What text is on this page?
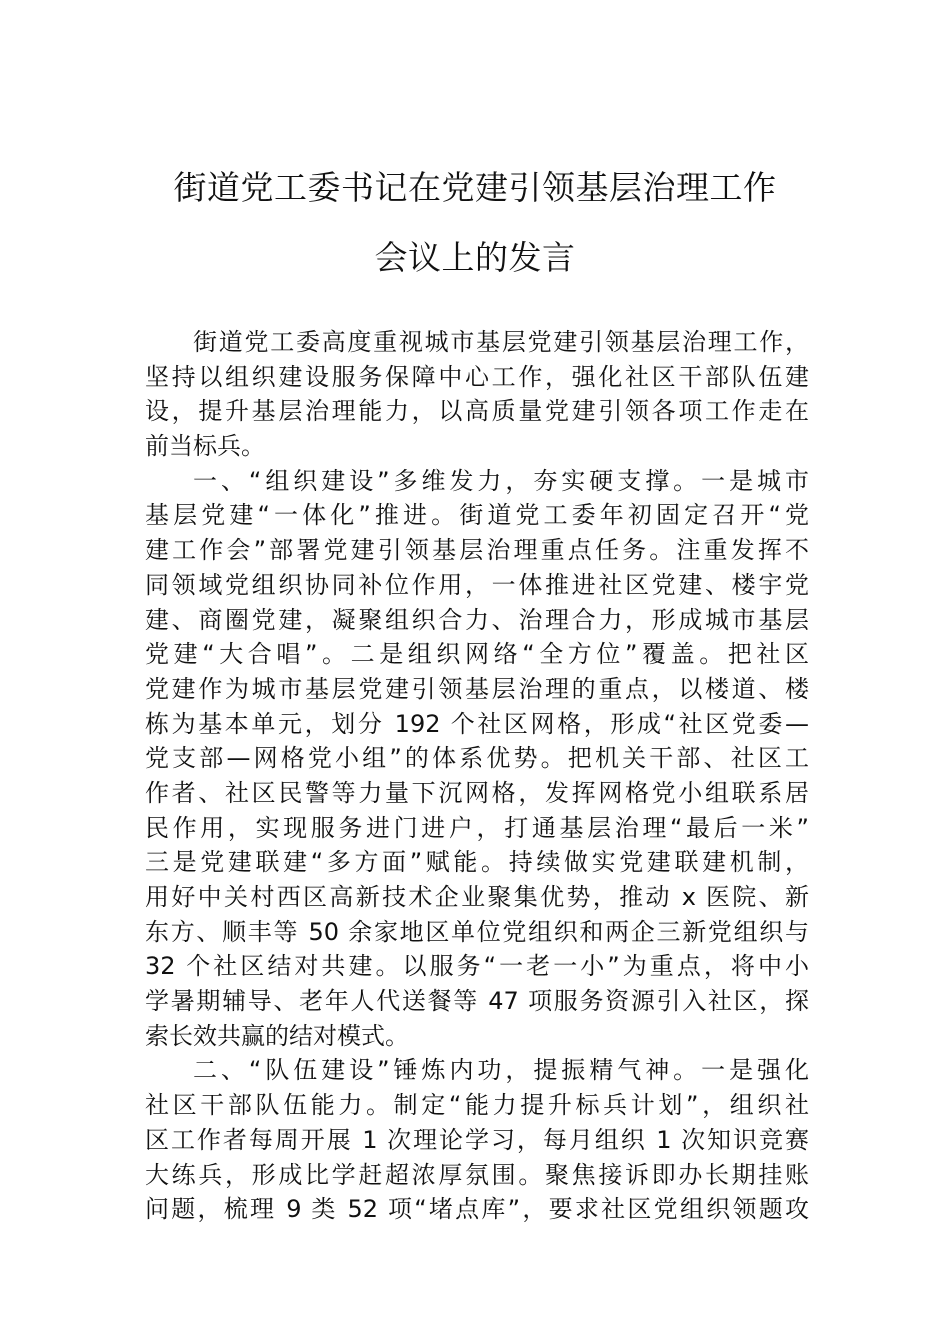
街道党工委书记在党建引领基层治理工作
会议上的发言
街道党工委高度重视城市基层党建引领基层治理工作，
坚持以组织建设服务保障中心工作，强化社区干部队伍建
设，提升基层治理能力，以高质量党建引领各项工作走在
前当标兵。
一、“组织建设”多维发力，夯实硬支撑。一是城市
基层党建“一体化”推进。街道党工委年初固定召开“党
建工作会”部署党建引领基层治理重点任务。注重发挥不
同领域党组织协同补位作用，一体推进社区党建、楼宇党
建、商圈党建，凝聚组织合力、治理合力，形成城市基层
党建“大合唱”。二是组织网络“全方位”覆盖。把社区
党建作为城市基层党建引领基层治理的重点，以楼道、楼
栋为基本单元，划分 192 个社区网格，形成“社区党委—
党支部—网格党小组”的体系优势。把机关干部、社区工
作者、社区民警等力量下沉网格，发挥网格党小组联系居
民作用，实现服务进门进户，打通基层治理“最后一米”
三是党建联建“多方面”赋能。持续做实党建联建机制，
用好中关村西区高新技术企业聚集优势，推动 x 医院、新
东方、顺丰等 50 余家地区单位党组织和两企三新党组织与
32 个社区结对共建。以服务“一老一小”为重点，将中小
学暑期辅导、老年人代送餐等 47 项服务资源引入社区，探
索长效共赢的结对模式。
二、“队伍建设”锤炼内功，提振精气神。一是强化
社区干部队伍能力。制定“能力提升标兵计划”，组织社
区工作者每周开展 1 次理论学习，每月组织 1 次知识竞赛
大练兵，形成比学赶超浓厚氛围。聚焦接诉即办长期挂账
问题，梳理 9 类 52 项“堵点库”，要求社区党组织领题攻
